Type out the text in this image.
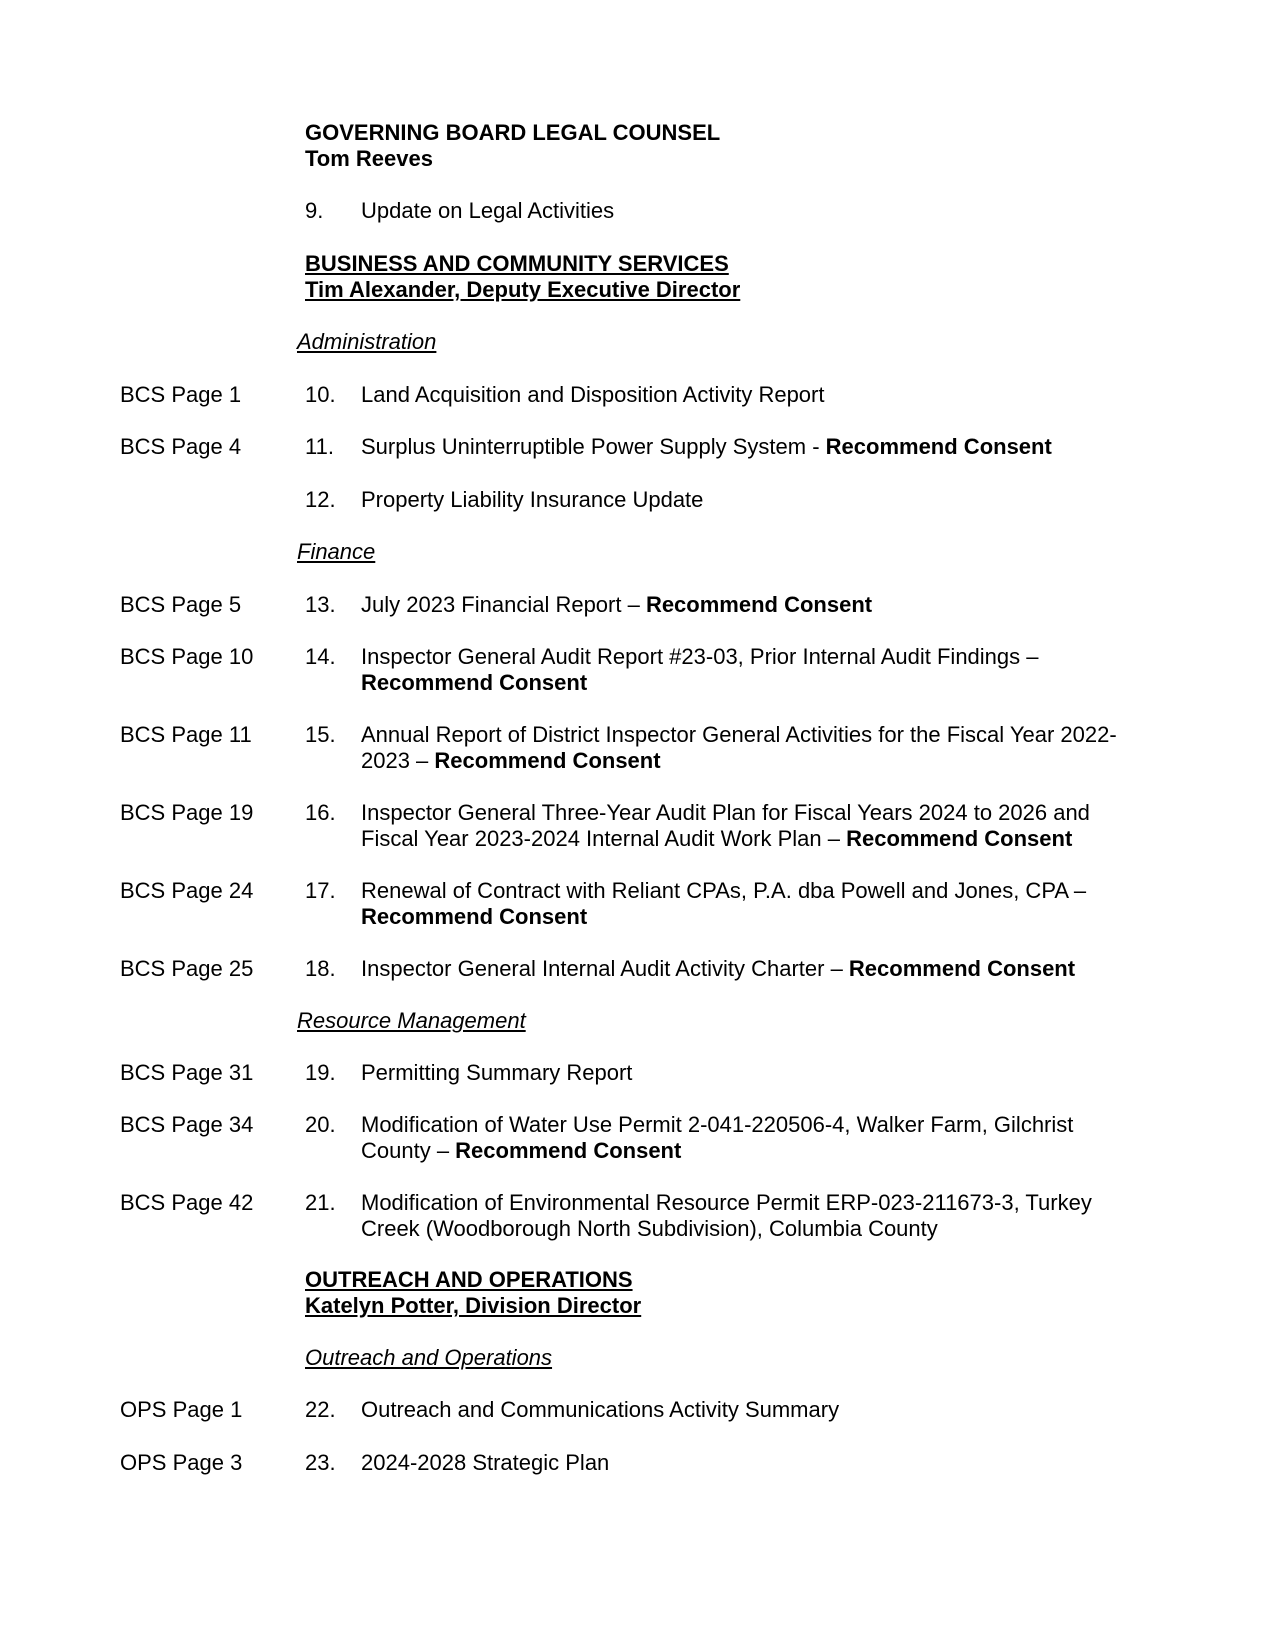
GOVERNING BOARD LEGAL COUNSEL
Tom Reeves
9. Update on Legal Activities
BUSINESS AND COMMUNITY SERVICES
Tim Alexander, Deputy Executive Director
Administration
BCS Page 1	10. Land Acquisition and Disposition Activity Report
BCS Page 4	11. Surplus Uninterruptible Power Supply System - Recommend Consent
12. Property Liability Insurance Update
Finance
BCS Page 5	13. July 2023 Financial Report – Recommend Consent
BCS Page 10 14. Inspector General Audit Report #23-03, Prior Internal Audit Findings – Recommend Consent
BCS Page 11 15. Annual Report of District Inspector General Activities for the Fiscal Year 2022-2023 – Recommend Consent
BCS Page 19 16. Inspector General Three-Year Audit Plan for Fiscal Years 2024 to 2026 and Fiscal Year 2023-2024 Internal Audit Work Plan – Recommend Consent
BCS Page 24 17. Renewal of Contract with Reliant CPAs, P.A. dba Powell and Jones, CPA – Recommend Consent
BCS Page 25 18. Inspector General Internal Audit Activity Charter – Recommend Consent
Resource Management
BCS Page 31 19. Permitting Summary Report
BCS Page 34 20. Modification of Water Use Permit 2-041-220506-4, Walker Farm, Gilchrist County – Recommend Consent
BCS Page 42 21. Modification of Environmental Resource Permit ERP-023-211673-3, Turkey Creek (Woodborough North Subdivision), Columbia County
OUTREACH AND OPERATIONS
Katelyn Potter, Division Director
Outreach and Operations
OPS Page 1	22. Outreach and Communications Activity Summary
OPS Page 3	23. 2024-2028 Strategic Plan
